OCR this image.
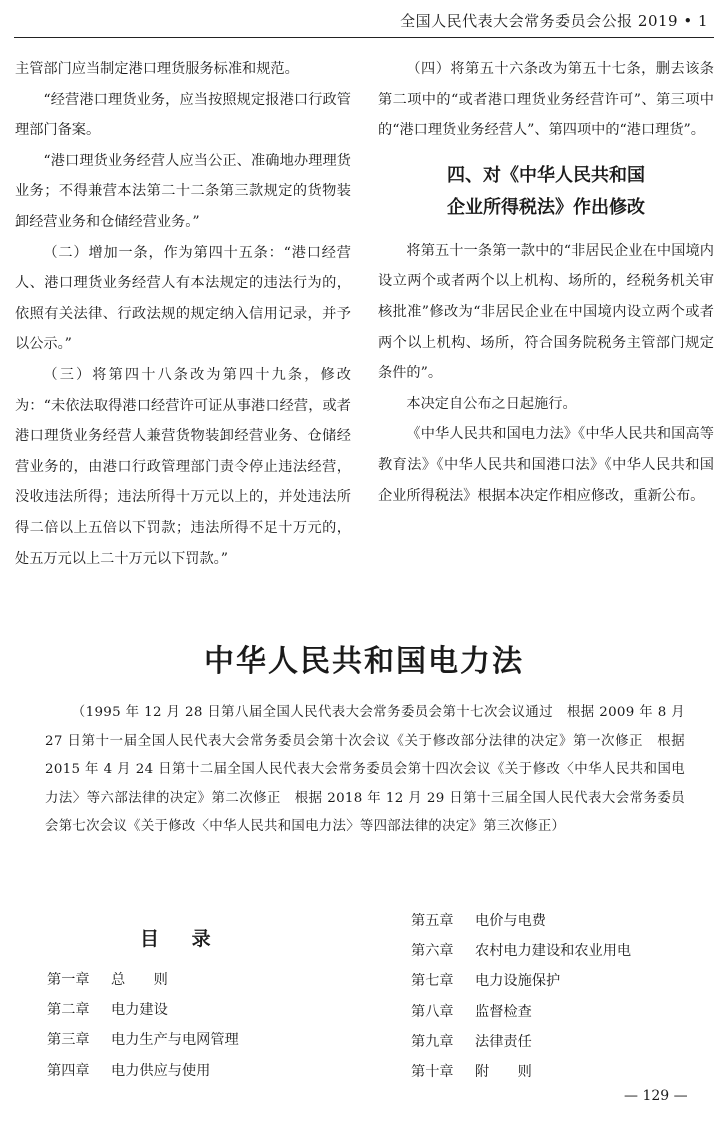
全国人民代表大会常务委员会公报 2019 • 1

主管部门应当制定港口理货服务标准和规范。

“经营港口理货业务，应当按照规定报港口行政管理部门备案。

“港口理货业务经营人应当公正、准确地办理理货业务；不得兼营本法第二十二条第三款规定的货物装卸经营业务和仓储经营业务。”

（二）增加一条，作为第四十五条：“港口经营人、港口理货业务经营人有本法规定的违法行为的，依照有关法律、行政法规的规定纳入信用记录，并予以公示。”

（三）将第四十八条改为第四十九条，修改为：“未依法取得港口经营许可证从事港口经营，或者港口理货业务经营人兼营货物装卸经营业务、仓储经营业务的，由港口行政管理部门责令停止违法经营，没收违法所得；违法所得十万元以上的，并处违法所得二倍以上五倍以下罚款；违法所得不足十万元的，处五万元以上二十万元以下罚款。”

（四）将第五十六条改为第五十七条，删去该条第二项中的“或者港口理货业务经营许可”、第三项中的“港口理货业务经营人”、第四项中的“港口理货”。

四、对《中华人民共和国
企业所得税法》作出修改

将第五十一条第一款中的“非居民企业在中国境内设立两个或者两个以上机构、场所的，经税务机关审核批准”修改为“非居民企业在中国境内设立两个或者两个以上机构、场所，符合国务院税务主管部门规定条件的”。

本决定自公布之日起施行。

《中华人民共和国电力法》《中华人民共和国高等教育法》《中华人民共和国港口法》《中华人民共和国企业所得税法》根据本决定作相应修改，重新公布。

中华人民共和国电力法
（1995 年 12 月 28 日第八届全国人民代表大会常务委员会第十七次会议通过　根据 2009 年 8 月 27 日第十一届全国人民代表大会常务委员会第十次会议《关于修改部分法律的决定》第一次修正　根据 2015 年 4 月 24 日第十二届全国人民代表大会常务委员会第十四次会议《关于修改〈中华人民共和国电力法〉等六部法律的决定》第二次修正　根据 2018 年 12 月 29 日第十三届全国人民代表大会常务委员会第七次会议《关于修改〈中华人民共和国电力法〉等四部法律的决定》第三次修正）
目 录
第一章 总　　则
第二章 电力建设
第三章 电力生产与电网管理
第四章 电力供应与使用
第五章 电价与电费
第六章 农村电力建设和农业用电
第七章 电力设施保护
第八章 监督检查
第九章 法律责任
第十章 附　　则
— 129 —
